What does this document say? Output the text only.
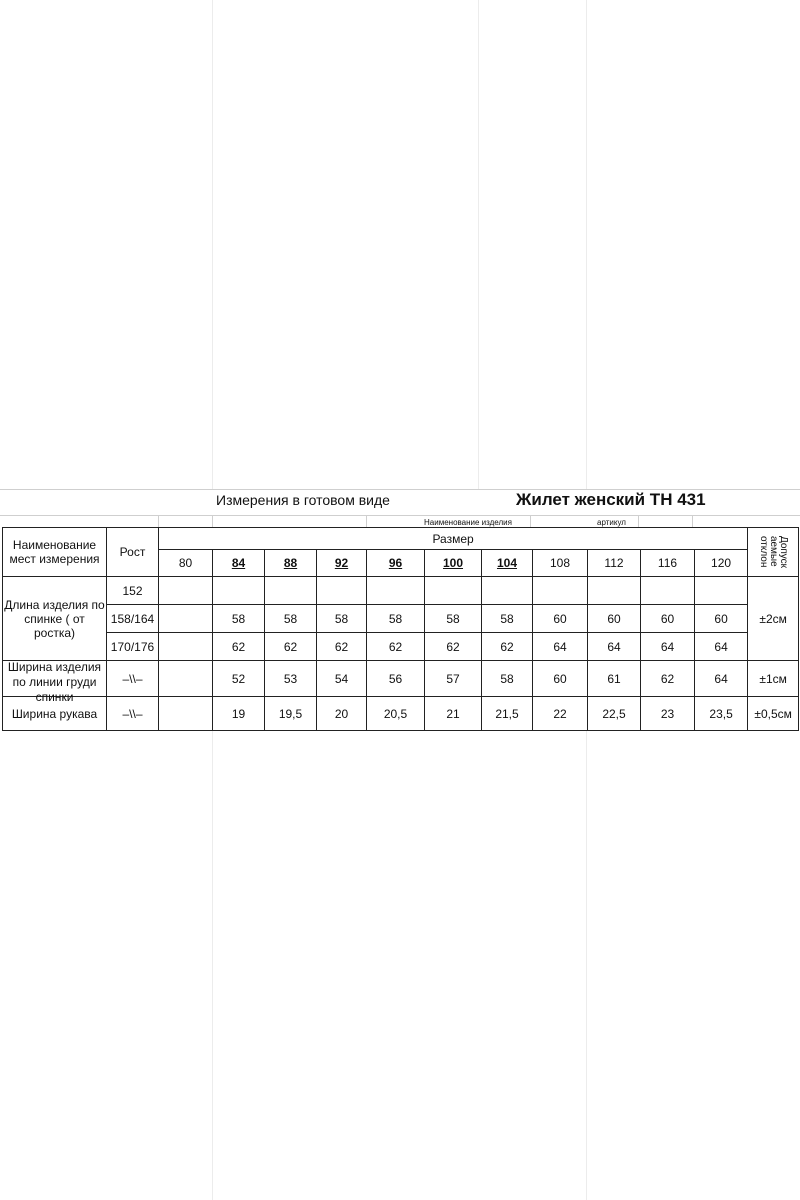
Измерения в готовом виде	Жилет женский ТН 431
Наименование изделия	артикул
Наименование мест измерения	Рост	Размер											Допуск
аемые
отклон

		80	84	88	92	96	100	104	108	112	116	120	
Длина изделия по спинке ( от ростка)	152												±2см
	158/164		58	58	58	58	58	58	60	60	60	60	
	170/176		62	62	62	62	62	62	64	64	64	64	

Ширина изделия по линии груди спинки	–\\–		52	53	54	56	57	58	60	61	62	64	±1см
Ширина рукава	–\\–		19	19,5	20	20,5	21	21,5	22	22,5	23	23,5	±0,5см
